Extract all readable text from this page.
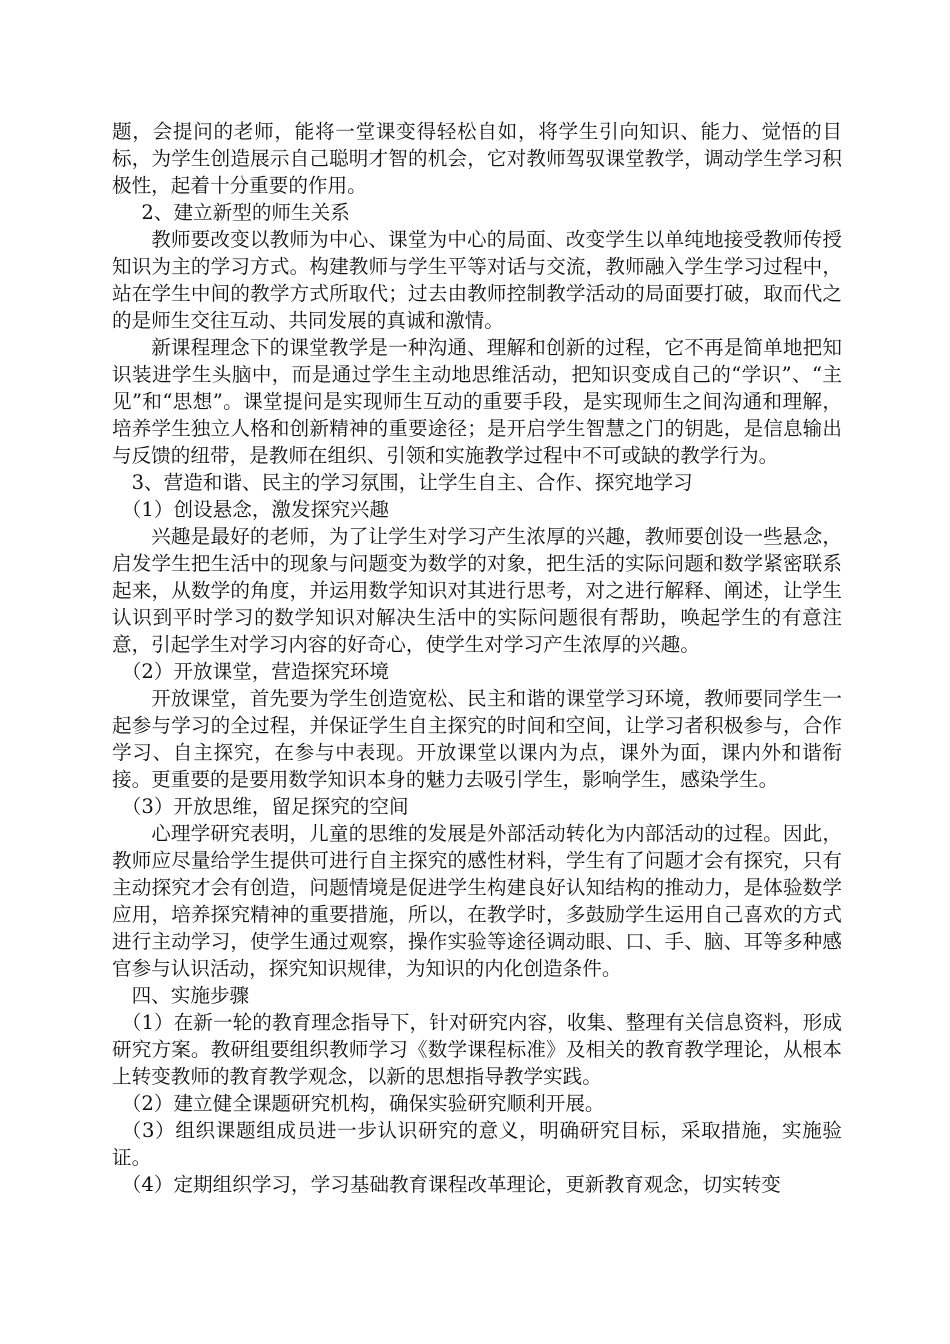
题，会提问的老师，能将一堂课变得轻松自如，将学生引向知识、能力、觉悟的目标，为学生创造展示自己聪明才智的机会，它对教师驾驭课堂教学，调动学生学习积极性，起着十分重要的作用。

2、建立新型的师生关系

教师要改变以教师为中心、课堂为中心的局面、改变学生以单纯地接受教师传授知识为主的学习方式。构建教师与学生平等对话与交流，教师融入学生学习过程中，站在学生中间的教学方式所取代；过去由教师控制教学活动的局面要打破，取而代之的是师生交往互动、共同发展的真诚和激情。

新课程理念下的课堂教学是一种沟通、理解和创新的过程，它不再是简单地把知识装进学生头脑中，而是通过学生主动地思维活动，把知识变成自己的“学识”、“主见”和“思想”。课堂提问是实现师生互动的重要手段，是实现师生之间沟通和理解，培养学生独立人格和创新精神的重要途径；是开启学生智慧之门的钥匙，是信息输出与反馈的纽带，是教师在组织、引领和实施教学过程中不可或缺的教学行为。

3、营造和谐、民主的学习氛围，让学生自主、合作、探究地学习

（1）创设悬念，激发探究兴趣

兴趣是最好的老师，为了让学生对学习产生浓厚的兴趣，教师要创设一些悬念，启发学生把生活中的现象与问题变为数学的对象，把生活的实际问题和数学紧密联系起来，从数学的角度，并运用数学知识对其进行思考，对之进行解释、阐述，让学生认识到平时学习的数学知识对解决生活中的实际问题很有帮助，唤起学生的有意注意，引起学生对学习内容的好奇心，使学生对学习产生浓厚的兴趣。

（2）开放课堂，营造探究环境

开放课堂，首先要为学生创造宽松、民主和谐的课堂学习环境，教师要同学生一起参与学习的全过程，并保证学生自主探究的时间和空间，让学习者积极参与，合作学习、自主探究，在参与中表现。开放课堂以课内为点，课外为面，课内外和谐衔接。更重要的是要用数学知识本身的魅力去吸引学生，影响学生，感染学生。

（3）开放思维，留足探究的空间

心理学研究表明，儿童的思维的发展是外部活动转化为内部活动的过程。因此，教师应尽量给学生提供可进行自主探究的感性材料，学生有了问题才会有探究，只有主动探究才会有创造，问题情境是促进学生构建良好认知结构的推动力，是体验数学应用，培养探究精神的重要措施，所以，在教学时，多鼓励学生运用自己喜欢的方式进行主动学习，使学生通过观察，操作实验等途径调动眼、口、手、脑、耳等多种感官参与认识活动，探究知识规律，为知识的内化创造条件。

四、实施步骤

（1）在新一轮的教育理念指导下，针对研究内容，收集、整理有关信息资料，形成研究方案。教研组要组织教师学习《数学课程标准》及相关的教育教学理论，从根本上转变教师的教育教学观念，以新的思想指导教学实践。

（2）建立健全课题研究机构，确保实验研究顺利开展。

（3）组织课题组成员进一步认识研究的意义，明确研究目标，采取措施，实施验证。

（4）定期组织学习，学习基础教育课程改革理论，更新教育观念，切实转变
